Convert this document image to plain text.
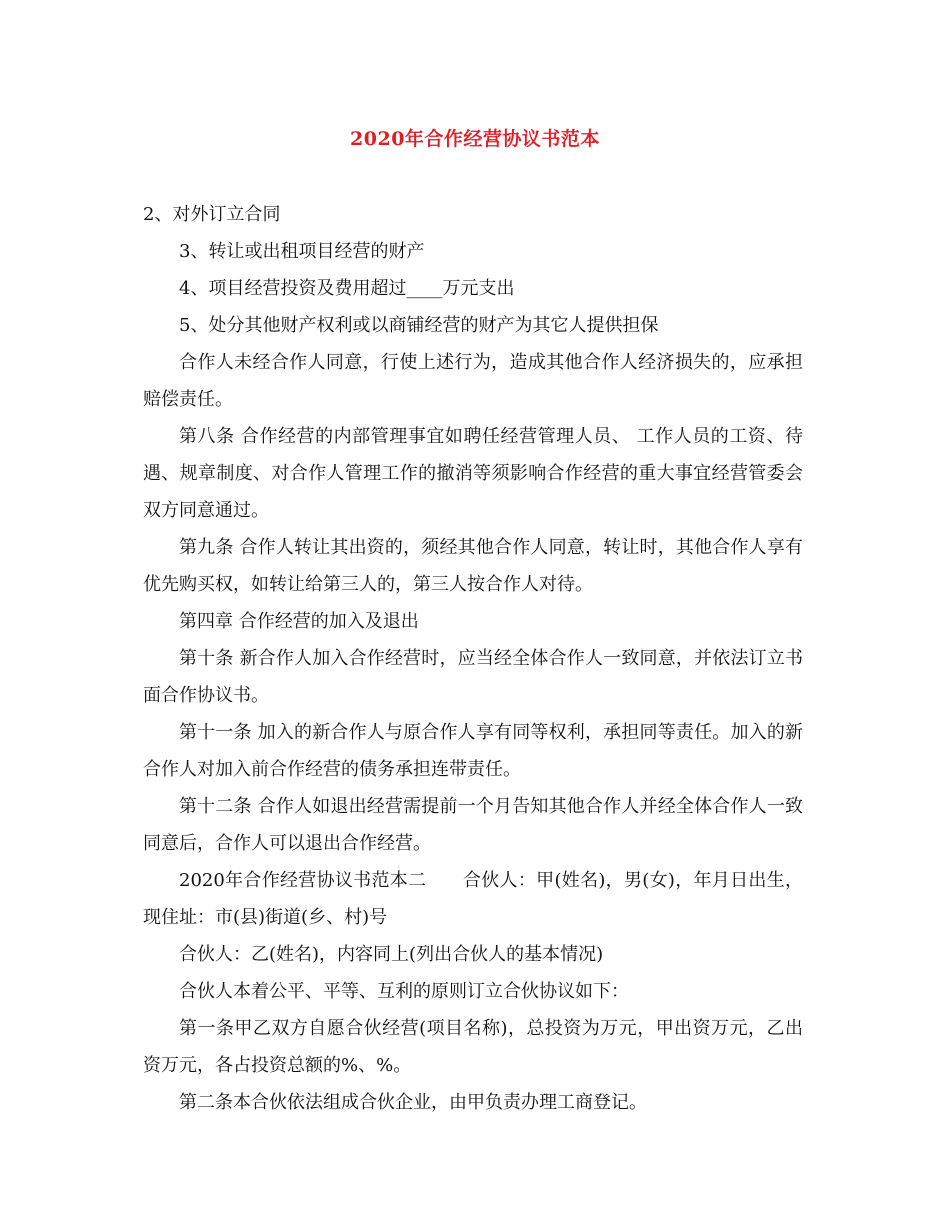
2020年合作经营协议书范本

2、对外订立合同

3、转让或出租项目经营的财产

4、项目经营投资及费用超过____万元支出

5、处分其他财产权利或以商铺经营的财产为其它人提供担保

合作人未经合作人同意，行使上述行为，造成其他合作人经济损失的，应承担赔偿责任。

第八条 合作经营的内部管理事宜如聘任经营管理人员、 工作人员的工资、待遇、规章制度、对合作人管理工作的撤消等须影响合作经营的重大事宜经营管委会双方同意通过。

第九条 合作人转让其出资的，须经其他合作人同意，转让时，其他合作人享有优先购买权，如转让给第三人的，第三人按合作人对待。

第四章 合作经营的加入及退出

第十条 新合作人加入合作经营时，应当经全体合作人一致同意，并依法订立书面合作协议书。

第十一条 加入的新合作人与原合作人享有同等权利，承担同等责任。加入的新合作人对加入前合作经营的债务承担连带责任。

第十二条 合作人如退出经营需提前一个月告知其他合作人并经全体合作人一致同意后，合作人可以退出合作经营。

2020年合作经营协议书范本二　　合伙人：甲(姓名)，男(女)，年月日出生，现住址：市(县)街道(乡、村)号

合伙人：乙(姓名)，内容同上(列出合伙人的基本情况)

合伙人本着公平、平等、互利的原则订立合伙协议如下：

第一条甲乙双方自愿合伙经营(项目名称)，总投资为万元，甲出资万元，乙出资万元，各占投资总额的%、%。

第二条本合伙依法组成合伙企业，由甲负责办理工商登记。
